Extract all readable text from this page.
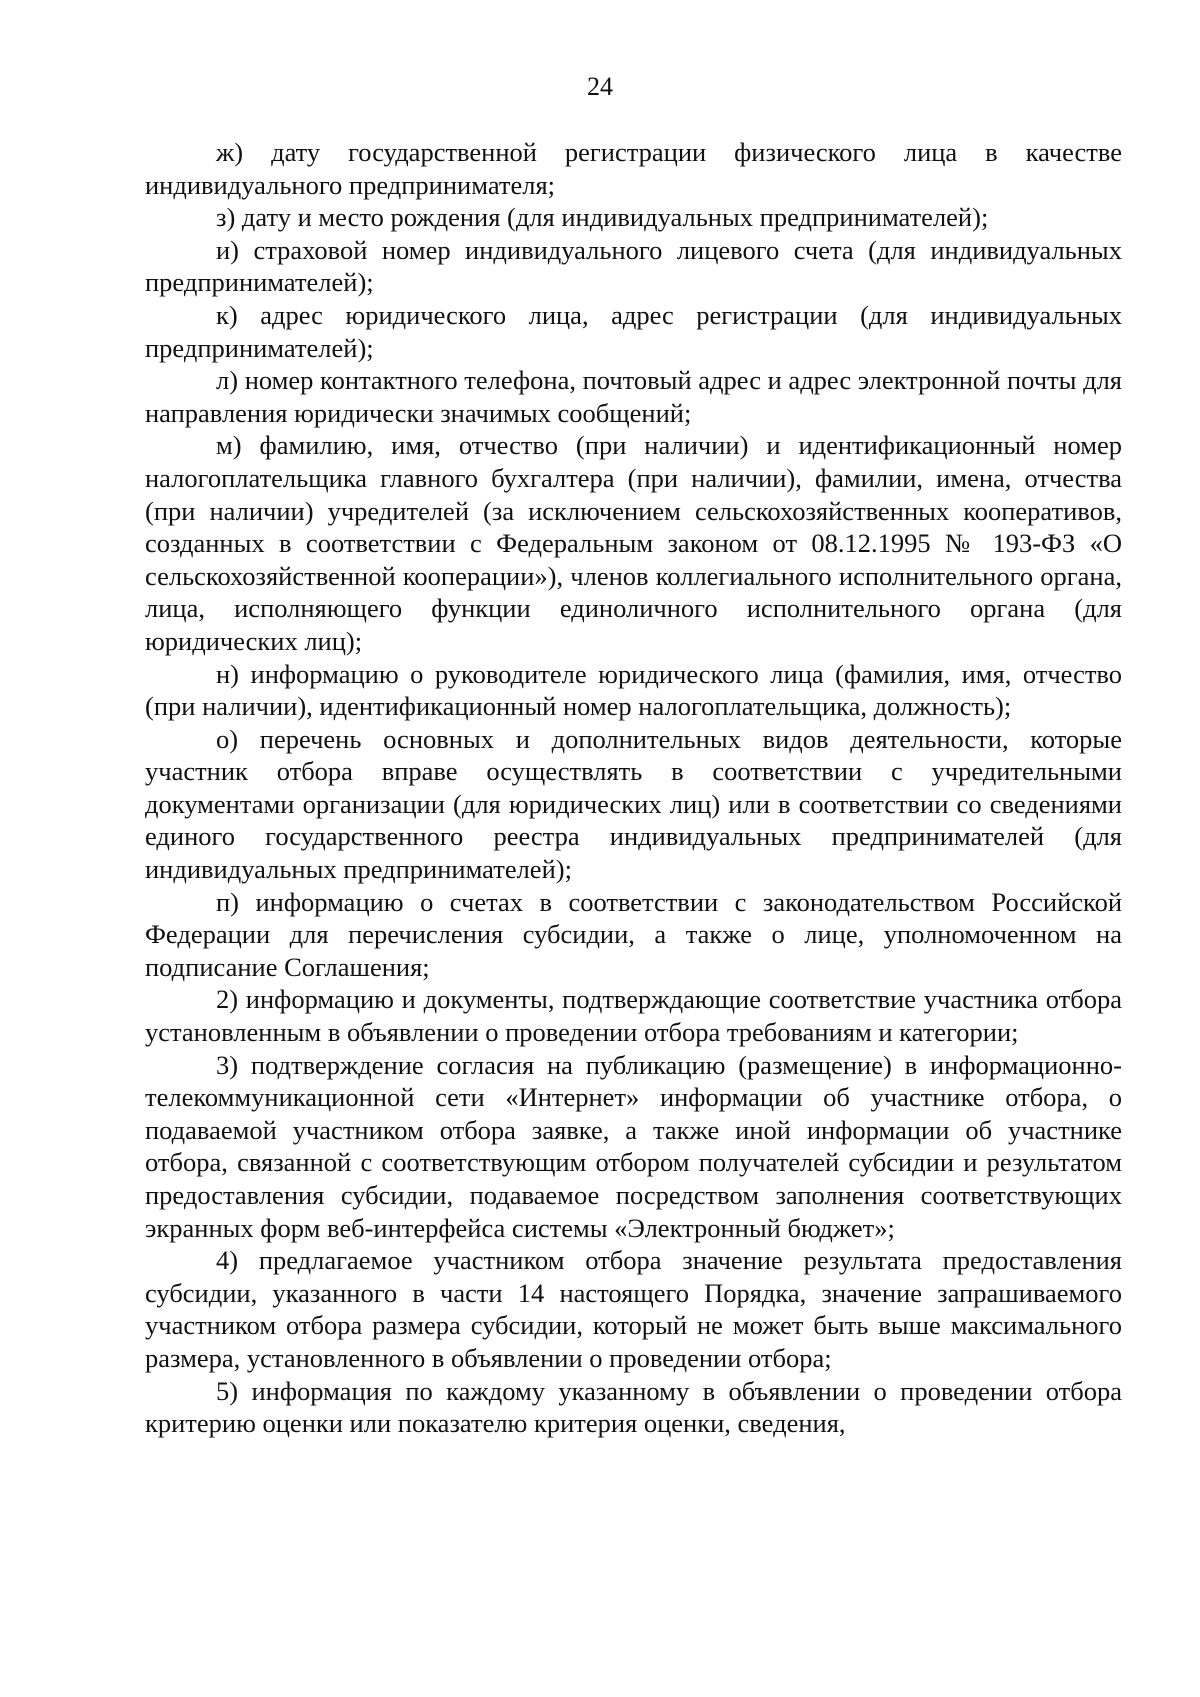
24

ж) дату государственной регистрации физического лица в качестве индивидуального предпринимателя;

з) дату и место рождения (для индивидуальных предпринимателей);

и) страховой номер индивидуального лицевого счета (для индивидуальных предпринимателей);

к) адрес юридического лица, адрес регистрации (для индивидуальных предпринимателей);

л) номер контактного телефона, почтовый адрес и адрес электронной почты для направления юридически значимых сообщений;

м) фамилию, имя, отчество (при наличии) и идентификационный номер налогоплательщика главного бухгалтера (при наличии), фамилии, имена, отчества (при наличии) учредителей (за исключением сельскохозяйственных кооперативов, созданных в соответствии с Федеральным законом от 08.12.1995 № 193-ФЗ «О сельскохозяйственной кооперации»), членов коллегиального исполнительного органа, лица, исполняющего функции единоличного исполнительного органа (для юридических лиц);

н) информацию о руководителе юридического лица (фамилия, имя, отчество (при наличии), идентификационный номер налогоплательщика, должность);

о) перечень основных и дополнительных видов деятельности, которые участник отбора вправе осуществлять в соответствии с учредительными документами организации (для юридических лиц) или в соответствии со сведениями единого государственного реестра индивидуальных предпринимателей (для индивидуальных предпринимателей);

п) информацию о счетах в соответствии с законодательством Российской Федерации для перечисления субсидии, а также о лице, уполномоченном на подписание Соглашения;

2) информацию и документы, подтверждающие соответствие участника отбора установленным в объявлении о проведении отбора требованиям и категории;

3) подтверждение согласия на публикацию (размещение) в информационно-телекоммуникационной сети «Интернет» информации об участнике отбора, о подаваемой участником отбора заявке, а также иной информации об участнике отбора, связанной с соответствующим отбором получателей субсидии и результатом предоставления субсидии, подаваемое посредством заполнения соответствующих экранных форм веб-интерфейса системы «Электронный бюджет»;

4) предлагаемое участником отбора значение результата предоставления субсидии, указанного в части 14 настоящего Порядка, значение запрашиваемого участником отбора размера субсидии, который не может быть выше максимального размера, установленного в объявлении о проведении отбора;

5) информация по каждому указанному в объявлении о проведении отбора критерию оценки или показателю критерия оценки, сведения,
